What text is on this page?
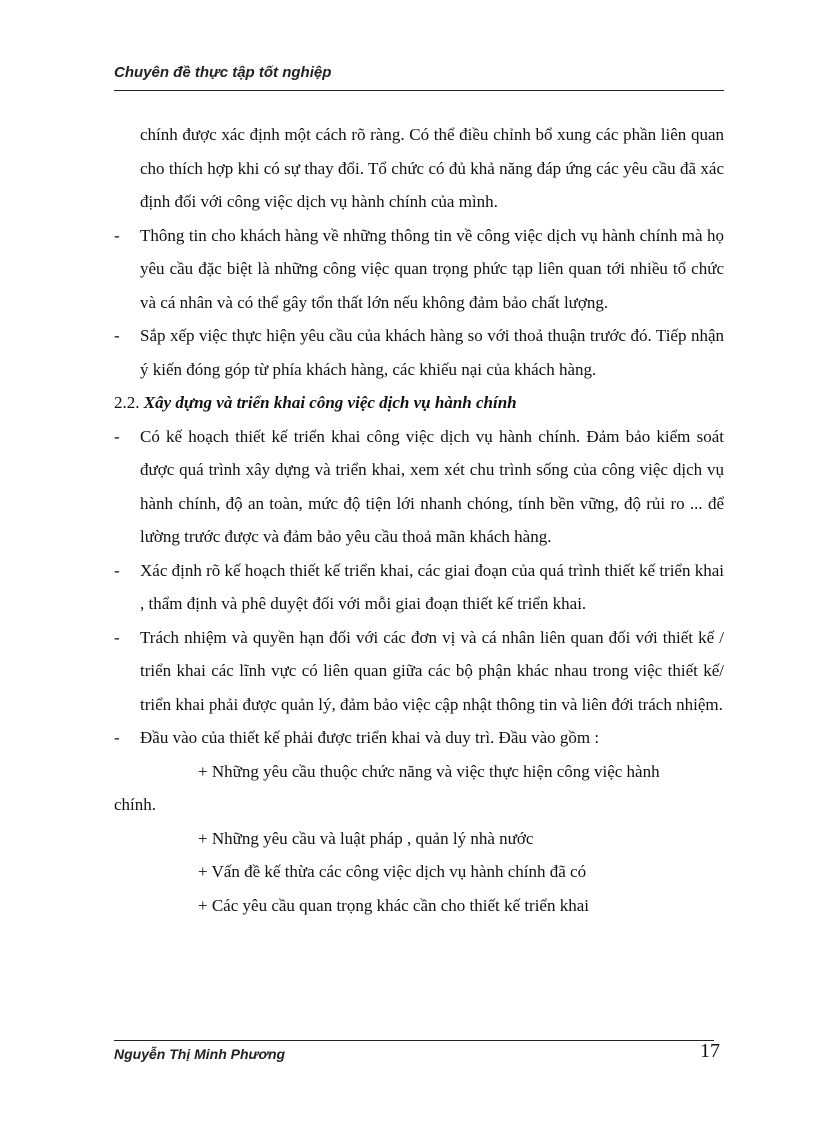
Chuyên đề thực tập tốt nghiệp

chính được xác định một cách rõ ràng. Có thể điều chỉnh bổ xung các phần liên quan cho thích hợp khi có sự thay đổi. Tổ chức có đủ khả năng đáp ứng các yêu cầu đã xác định đối với công việc dịch vụ hành chính của mình.

- Thông tin cho khách hàng về những thông tin về công việc dịch vụ hành chính mà họ yêu cầu đặc biệt là những công việc quan trọng phức tạp liên quan tới nhiều tổ chức và cá nhân và có thể gây tổn thất lớn nếu không đảm bảo chất lượng.

- Sắp xếp việc thực hiện yêu cầu của khách hàng so với thoả thuận trước đó. Tiếp nhận ý kiến đóng góp từ phía khách hàng, các khiếu nại của khách hàng.

2.2. Xây dựng và triển khai công việc dịch vụ hành chính

- Có kế hoạch thiết kế triển khai công việc dịch vụ hành chính. Đảm bảo kiểm soát được quá trình xây dựng và triển khai, xem xét chu trình sống của công việc dịch vụ hành chính, độ an toàn, mức độ tiện lới nhanh chóng, tính bền vững, độ rủi ro ... để lường trước được và đảm bảo yêu cầu thoả mãn khách hàng.

- Xác định rõ kế hoạch thiết kế triển khai, các giai đoạn của quá trình thiết kế triển khai , thẩm định và phê duyệt đối với mỗi giai đoạn thiết kế triển khai.

- Trách nhiệm và quyền hạn đối với các đơn vị và cá nhân liên quan đối với thiết kế / triển khai các lĩnh vực có liên quan giữa các bộ phận khác nhau trong việc thiết kế/ triển khai phải được quản lý, đảm bảo việc cập nhật thông tin và liên đới trách nhiệm.

- Đầu vào của thiết kế phải được triển khai và duy trì. Đầu vào gồm :

+ Những yêu cầu thuộc chức năng và việc thực hiện công việc hành

chính.

+ Những yêu cầu và luật pháp , quản lý nhà nước

+ Vấn đề kế thừa các công việc dịch vụ hành chính đã có

+ Các yêu cầu quan trọng khác cần cho thiết kế triển khai

Nguyễn Thị Minh Phương	17
